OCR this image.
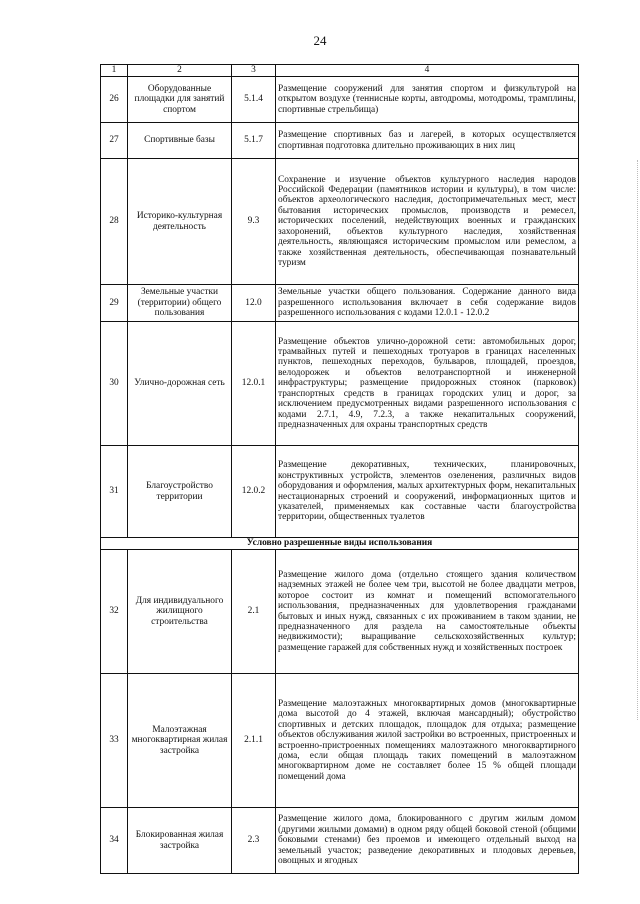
24
1	2	3	4
26	Оборудованные площадки для занятий спортом	5.1.4	Размещение сооружений для занятия спортом и физкультурой на открытом воздухе (теннисные корты, автодромы, мотодромы, трамплины, спортивные стрельбища)
27	Спортивные базы	5.1.7	Размещение спортивных баз и лагерей, в которых осуществляется спортивная подготовка длительно проживающих в них лиц
28	Историко-культурная деятельность	9.3	Сохранение и изучение объектов культурного наследия народов Российской Федерации (памятников истории и культуры), в том числе: объектов археологического наследия, достопримечательных мест, мест бытования исторических промыслов, производств и ремесел, исторических поселений, недействующих военных и гражданских захоронений, объектов культурного наследия, хозяйственная деятельность, являющаяся историческим промыслом или ремеслом, а также хозяйственная деятельность, обеспечивающая познавательный туризм
29	Земельные участки (территории) общего пользования	12.0	Земельные участки общего пользования. Содержание данного вида разрешенного использования включает в себя содержание видов разрешенного использования с кодами 12.0.1 - 12.0.2
30	Улично-дорожная сеть	12.0.1	Размещение объектов улично-дорожной сети: автомобильных дорог, трамвайных путей и пешеходных тротуаров в границах населенных пунктов, пешеходных переходов, бульваров, площадей, проездов, велодорожек и объектов велотранспортной и инженерной инфраструктуры; размещение придорожных стоянок (парковок) транспортных средств в границах городских улиц и дорог, за исключением предусмотренных видами разрешенного использования с кодами 2.7.1, 4.9, 7.2.3, а также некапитальных сооружений, предназначенных для охраны транспортных средств
31	Благоустройство территории	12.0.2	Размещение декоративных, технических, планировочных, конструктивных устройств, элементов озеленения, различных видов оборудования и оформления, малых архитектурных форм, некапитальных нестационарных строений и сооружений, информационных щитов и указателей, применяемых как составные части благоустройства территории, общественных туалетов
Условно разрешенные виды использования			
32	Для индивидуального жилищного строительства	2.1	Размещение жилого дома (отдельно стоящего здания количеством надземных этажей не более чем три, высотой не более двадцати метров, которое состоит из комнат и помещений вспомогательного использования, предназначенных для удовлетворения гражданами бытовых и иных нужд, связанных с их проживанием в таком здании, не предназначенного для раздела на самостоятельные объекты недвижимости); выращивание сельскохозяйственных культур; размещение гаражей для собственных нужд и хозяйственных построек
33	Малоэтажная многоквартирная жилая застройка	2.1.1	Размещение малоэтажных многоквартирных домов (многоквартирные дома высотой до 4 этажей, включая мансардный); обустройство спортивных и детских площадок, площадок для отдыха; размещение объектов обслуживания жилой застройки во встроенных, пристроенных и встроенно-пристроенных помещениях малоэтажного многоквартирного дома, если общая площадь таких помещений в малоэтажном многоквартирном доме не составляет более 15 % общей площади помещений дома
34	Блокированная жилая застройка	2.3	Размещение жилого дома, блокированного с другим жилым домом (другими жилыми домами) в одном ряду общей боковой стеной (общими боковыми стенами) без проемов и имеющего отдельный выход на земельный участок; разведение декоративных и плодовых деревьев, овощных и ягодных
